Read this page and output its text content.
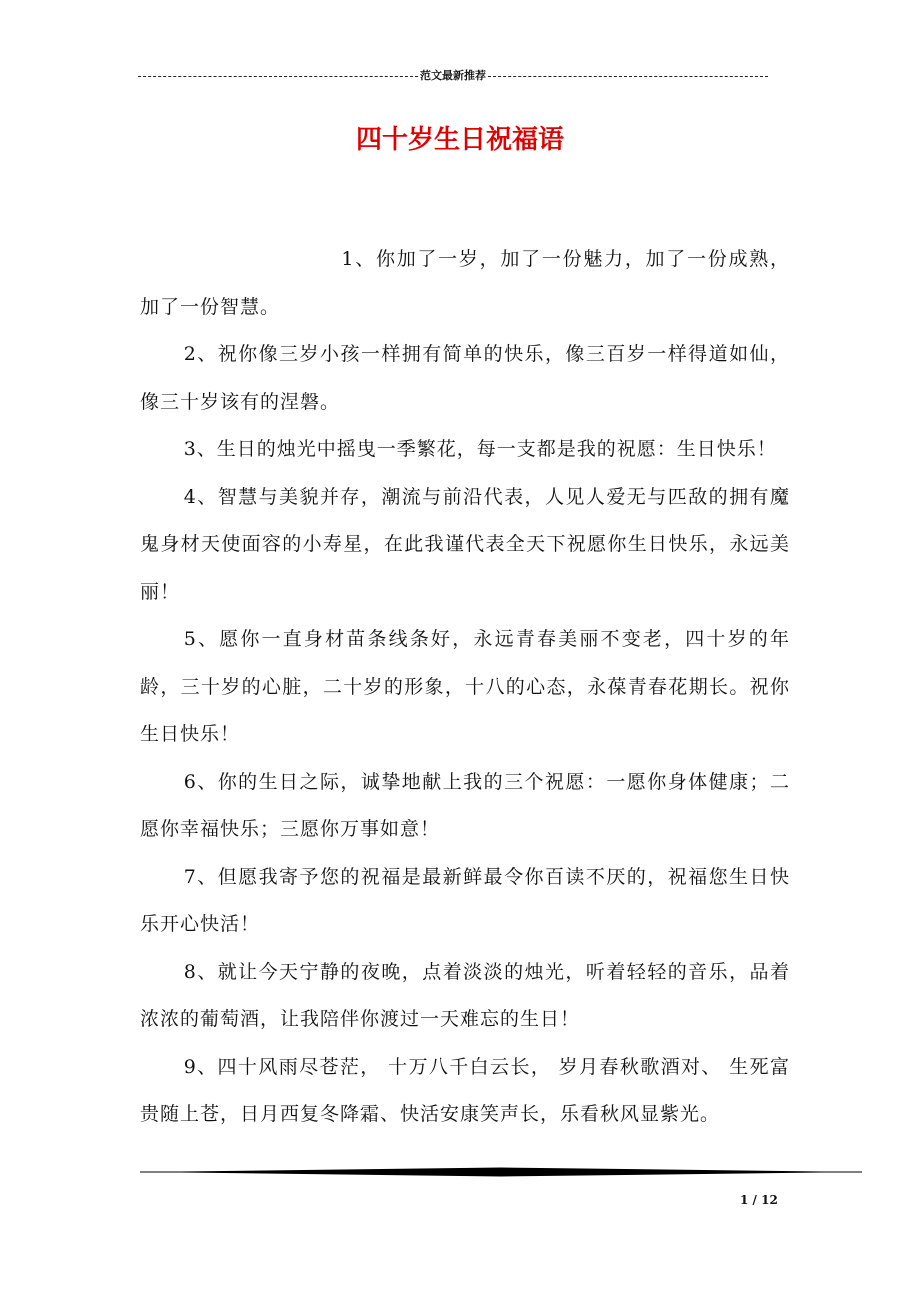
范文最新推荐
四十岁生日祝福语

1、你加了一岁，加了一份魅力，加了一份成熟，加了一份智慧。

2、祝你像三岁小孩一样拥有简单的快乐，像三百岁一样得道如仙，像三十岁该有的涅磐。

3、生日的烛光中摇曳一季繁花，每一支都是我的祝愿：生日快乐！

4、智慧与美貌并存，潮流与前沿代表，人见人爱无与匹敌的拥有魔鬼身材天使面容的小寿星，在此我谨代表全天下祝愿你生日快乐，永远美丽！

5、愿你一直身材苗条线条好，永远青春美丽不变老，四十岁的年龄，三十岁的心脏，二十岁的形象，十八的心态，永葆青春花期长。祝你生日快乐！

6、你的生日之际，诚挚地献上我的三个祝愿：一愿你身体健康；二愿你幸福快乐；三愿你万事如意！

7、但愿我寄予您的祝福是最新鲜最令你百读不厌的，祝福您生日快乐开心快活！

8、就让今天宁静的夜晚，点着淡淡的烛光，听着轻轻的音乐，品着浓浓的葡萄酒，让我陪伴你渡过一天难忘的生日！

9、四十风雨尽苍茫， 十万八千白云长， 岁月春秋歌酒对、 生死富贵随上苍，日月西复冬降霜、快活安康笑声长，乐看秋风显紫光。

1 / 12
